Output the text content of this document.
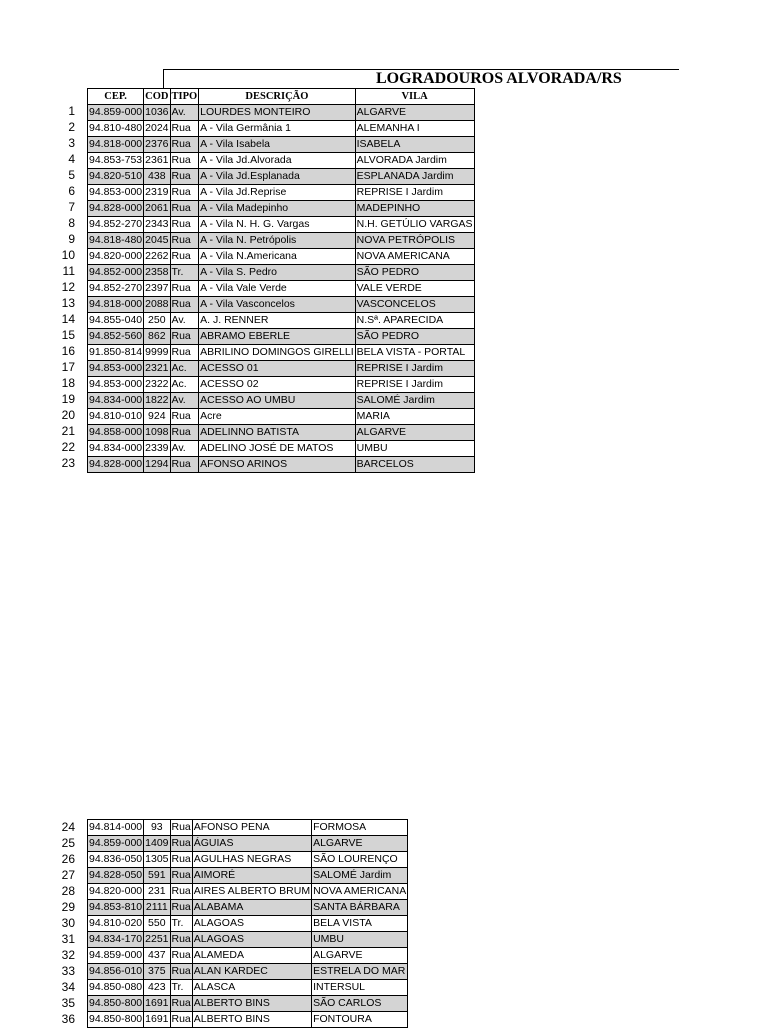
LOGRADOUROS ALVORADA/RS
1
2
3
4
5
6
7
8
9
10
11
12
13
14
15
16
17
18
19
20
21
22
23
CEP.	COD	TIPO	DESCRIÇÃO	VILA
94.859-000	1036	Av.	LOURDES MONTEIRO	ALGARVE
94.810-480	2024	Rua	A - Vila Germânia 1	ALEMANHA I
94.818-000	2376	Rua	A - Vila Isabela	ISABELA
94.853-753	2361	Rua	A - Vila Jd.Alvorada	ALVORADA Jardim
94.820-510	438	Rua	A - Vila Jd.Esplanada	ESPLANADA Jardim
94.853-000	2319	Rua	A - Vila Jd.Reprise	REPRISE I Jardim
94.828-000	2061	Rua	A - Vila Madepinho	MADEPINHO
94.852-270	2343	Rua	A - Vila N. H. G. Vargas	N.H. GETÚLIO VARGAS
94.818-480	2045	Rua	A - Vila N. Petrópolis	NOVA PETRÓPOLIS
94.820-000	2262	Rua	A - Vila N.Americana	NOVA AMERICANA
94.852-000	2358	Tr.	A - Vila S. Pedro	SÃO PEDRO
94.852-270	2397	Rua	A - Vila Vale Verde	VALE VERDE
94.818-000	2088	Rua	A - Vila Vasconcelos	VASCONCELOS
94.855-040	250	Av.	A. J. RENNER	N.Sª. APARECIDA
94.852-560	862	Rua	ABRAMO EBERLE	SÃO PEDRO
91.850-814	9999	Rua	ABRILINO DOMINGOS GIRELLI	BELA VISTA - PORTAL
94.853-000	2321	Ac.	ACESSO 01	REPRISE I Jardim
94.853-000	2322	Ac.	ACESSO 02	REPRISE I Jardim
94.834-000	1822	Av.	ACESSO AO UMBU	SALOMÉ Jardim
94.810-010	924	Rua	Acre	MARIA
94.858-000	1098	Rua	ADELINNO BATISTA	ALGARVE
94.834-000	2339	Av.	ADELINO JOSÉ DE MATOS	UMBU
94.828-000	1294	Rua	AFONSO ARINOS	BARCELOS
24
25
26
27
28
29
30
31
32
33
34
35
36
94.814-000	93	Rua	AFONSO PENA	FORMOSA
94.859-000	1409	Rua	ÁGUIAS	ALGARVE
94.836-050	1305	Rua	AGULHAS NEGRAS	SÃO LOURENÇO
94.828-050	591	Rua	AIMORÉ	SALOMÉ Jardim
94.820-000	231	Rua	AIRES ALBERTO BRUM	NOVA AMERICANA
94.853-810	2111	Rua	ALABAMA	SANTA BÁRBARA
94.810-020	550	Tr.	ALAGOAS	BELA VISTA
94.834-170	2251	Rua	ALAGOAS	UMBU
94.859-000	437	Rua	ALAMEDA	ALGARVE
94.856-010	375	Rua	ALAN KARDEC	ESTRELA DO MAR
94.850-080	423	Tr.	ALASCA	INTERSUL
94.850-800	1691	Rua	ALBERTO BINS	SÃO CARLOS
94.850-800	1691	Rua	ALBERTO BINS	FONTOURA
